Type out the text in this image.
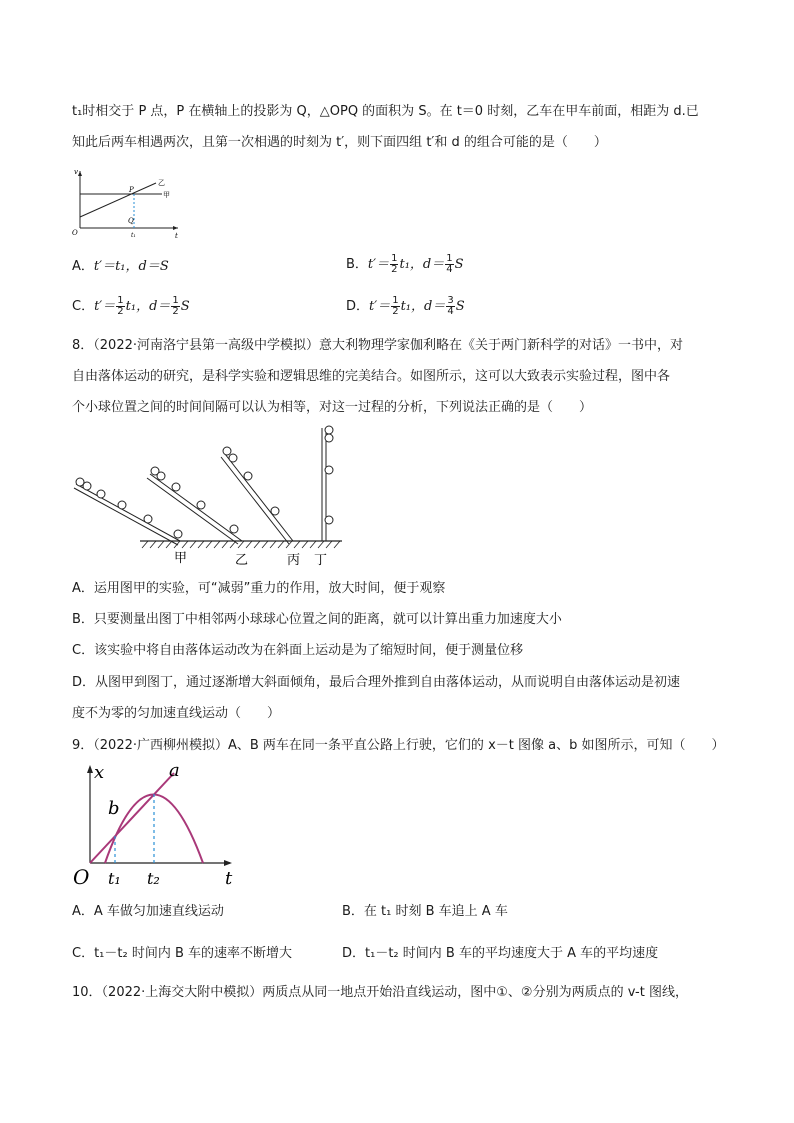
t₁时相交于 P 点，P 在横轴上的投影为 Q，△OPQ 的面积为 S。在 t＝0 时刻，乙车在甲车前面，相距为 d.已
知此后两车相遇两次，且第一次相遇的时刻为 t′，则下面四组 t′和 d 的组合可能的是（　　）
v
t
O
P
Q
t₁
乙
甲
A．t′＝t₁，d＝S	B．$t'= \frac{1}{2} t_1$，$d= \frac{1}{4}$ S
C．$t'= \frac{1}{2} t_1$，$d= \frac{1}{2}$ S	D．$t'= \frac{1}{2} t_1$，$d= \frac{3}{4}$ S
8．（2022·河南洛宁县第一高级中学模拟）意大利物理学家伽利略在《关于两门新科学的对话》一书中，对
自由落体运动的研究，是科学实验和逻辑思维的完美结合。如图所示，这可以大致表示实验过程，图中各
个小球位置之间的时间间隔可以认为相等，对这一过程的分析，下列说法正确的是（　　）
甲	乙	丙 丁
A．运用图甲的实验，可“减弱”重力的作用，放大时间，便于观察
B．只要测量出图丁中相邻两小球球心位置之间的距离，就可以计算出重力加速度大小
C．该实验中将自由落体运动改为在斜面上运动是为了缩短时间，便于测量位移
D．从图甲到图丁，通过逐渐增大斜面倾角，最后合理外推到自由落体运动，从而说明自由落体运动是初速
度不为零的匀加速直线运动（　　）
9．（2022·广西柳州模拟）A、B 两车在同一条平直公路上行驶，它们的 x－t 图像 a、b 如图所示，可知（　　）
x
t
O
a
b
t₁ t₂
A．A 车做匀加速直线运动	B．在 t₁ 时刻 B 车追上 A 车
C．t₁－t₂ 时间内 B 车的速率不断增大	D．t₁－t₂ 时间内 B 车的平均速度大于 A 车的平均速度
10．（2022·上海交大附中模拟）两质点从同一地点开始沿直线运动，图中①、②分别为两质点的 v-t 图线，
